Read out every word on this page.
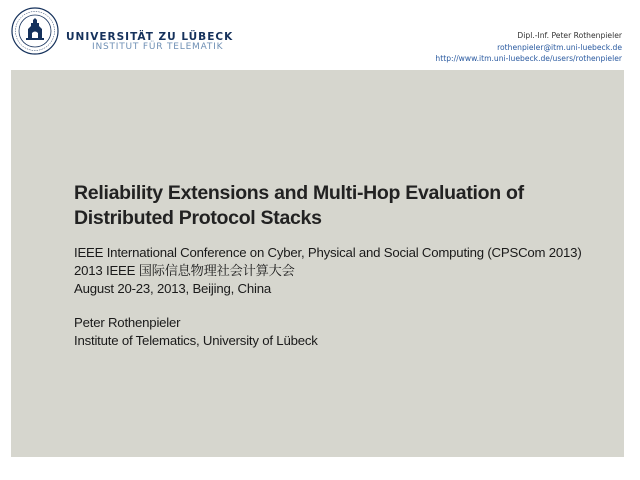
UNIVERSITÄT ZU LÜBECK
INSTITUT FÜR TELEMATIK
Dipl.-Inf. Peter Rothenpieler
rothenpieler@itm.uni-luebeck.de
http://www.itm.uni-luebeck.de/users/rothenpieler
Reliability Extensions and Multi-Hop Evaluation of
Distributed Protocol Stacks
IEEE International Conference on Cyber, Physical and Social Computing (CPSCom 2013)
2013 IEEE 国际信息物理社会计算大会
August 20-23, 2013, Beijing, China
Peter Rothenpieler
Institute of Telematics, University of Lübeck
